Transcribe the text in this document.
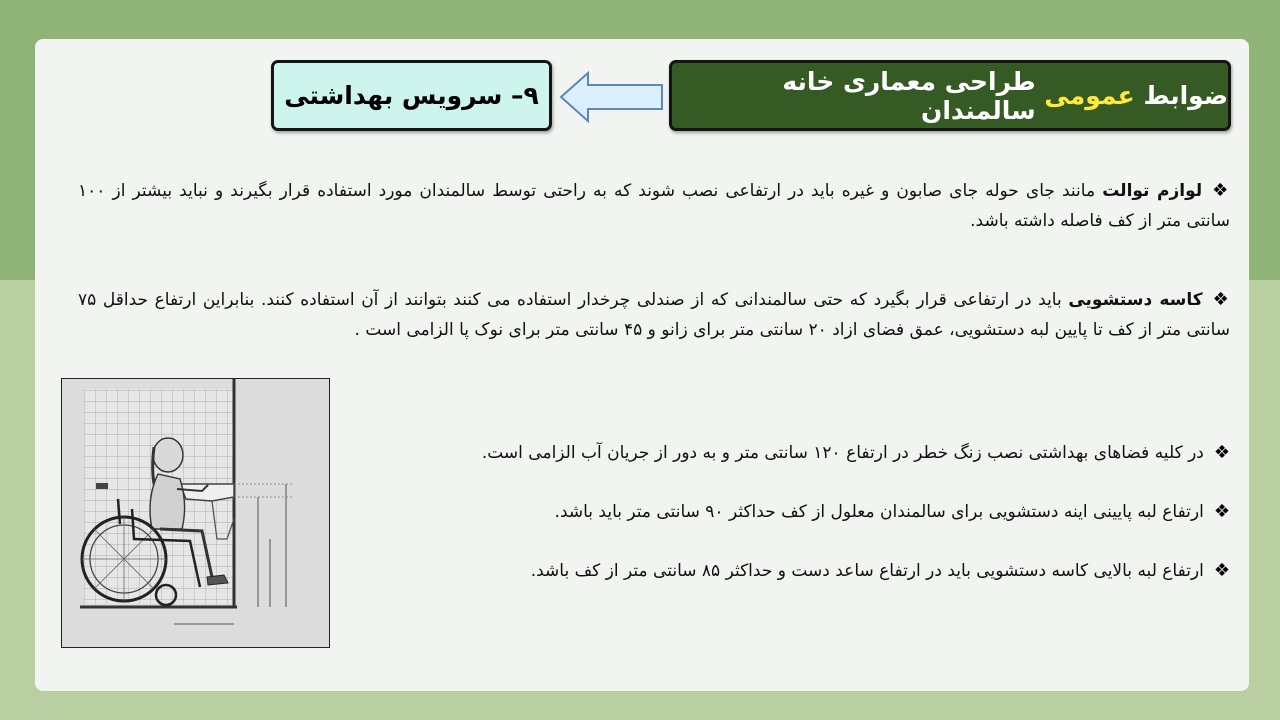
ضوابط

عمومی

طراحی معماری خانه سالمندان
۹– سرویس بهداشتی

❖لوازم توالت مانند جای حوله جای صابون و غیره باید در ارتفاعی نصب شوند که به راحتی توسط سالمندان مورد استفاده قرار بگیرند و نباید بیشتر از ۱۰۰ سانتی متر از کف فاصله داشته باشد.

❖کاسه دستشویی باید در ارتفاعی قرار بگیرد که حتی سالمندانی که از صندلی چرخدار استفاده می کنند بتوانند از آن استفاده کنند. بنابراین ارتفاع حداقل ۷۵ سانتی متر از کف تا پایین لبه دستشویی، عمق فضای ازاد ۲۰ سانتی متر برای زانو و ۴۵ سانتی متر برای نوک پا الزامی است .

❖در کلیه فضاهای بهداشتی نصب زنگ خطر در ارتفاع ۱۲۰ سانتی متر و به دور از جریان آب الزامی است.

❖ارتفاع لبه پایینی اینه دستشویی برای سالمندان معلول از کف حداکثر ۹۰ سانتی متر باید باشد.

❖ارتفاع لبه بالایی کاسه دستشویی باید در ارتفاع ساعد دست و حداکثر ۸۵ سانتی متر از کف باشد.
